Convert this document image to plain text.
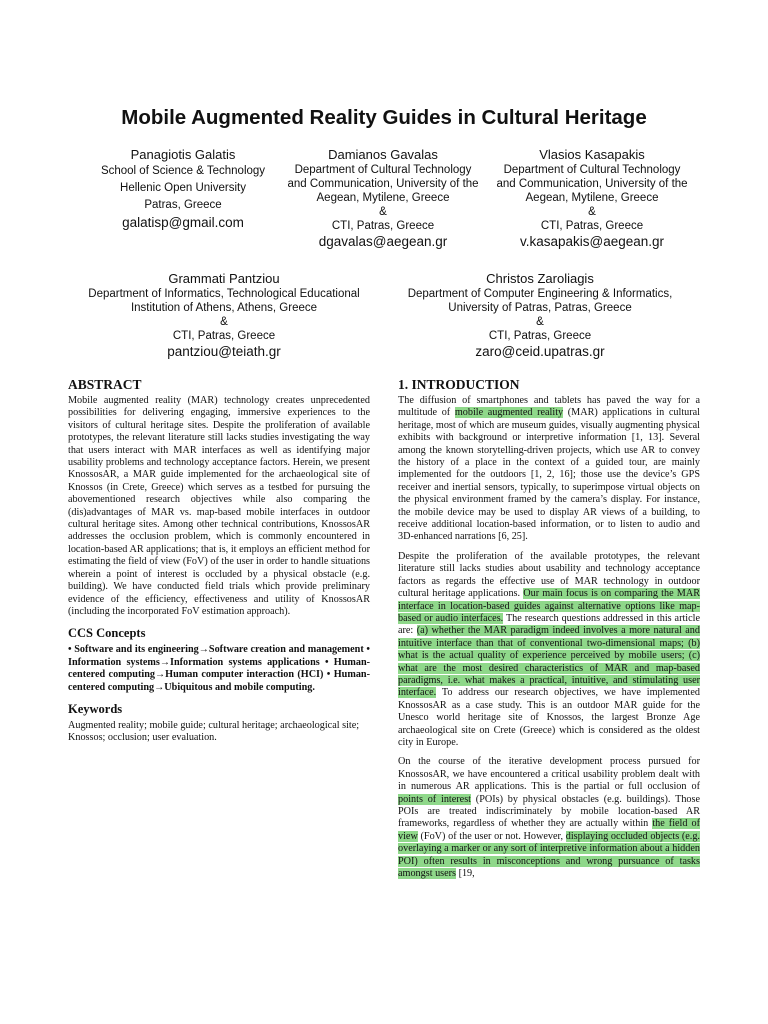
Mobile Augmented Reality Guides in Cultural Heritage
Panagiotis Galatis
School of Science & Technology
Hellenic Open University
Patras, Greece
galatisp@gmail.com
Damianos Gavalas
Department of Cultural Technology
and Communication, University of the
Aegean, Mytilene, Greece
&
CTI, Patras, Greece
dgavalas@aegean.gr
Vlasios Kasapakis
Department of Cultural Technology
and Communication, University of the
Aegean, Mytilene, Greece
&
CTI, Patras, Greece
v.kasapakis@aegean.gr
Grammati Pantziou
Department of Informatics, Technological Educational
Institution of Athens, Athens, Greece
&
CTI, Patras, Greece
pantziou@teiath.gr
Christos Zaroliagis
Department of Computer Engineering & Informatics,
University of Patras, Patras, Greece
&
CTI, Patras, Greece
zaro@ceid.upatras.gr
ABSTRACT

Mobile augmented reality (MAR) technology creates unprecedented possibilities for delivering engaging, immersive experiences to the visitors of cultural heritage sites. Despite the proliferation of available prototypes, the relevant literature still lacks studies investigating the way that users interact with MAR interfaces as well as identifying major usability problems and technology acceptance factors. Herein, we present KnossosAR, a MAR guide implemented for the archaeological site of Knossos (in Crete, Greece) which serves as a testbed for pursuing the abovementioned research objectives while also comparing the (dis)advantages of MAR vs. map-based mobile interfaces in outdoor cultural heritage sites. Among other technical contributions, KnossosAR addresses the occlusion problem, which is commonly encountered in location-based AR applications; that is, it employs an efficient method for estimating the field of view (FoV) of the user in order to handle situations wherein a point of interest is occluded by a physical obstacle (e.g. building). We have conducted field trials which provide preliminary evidence of the efficiency, effectiveness and utility of KnossosAR (including the incorporated FoV estimation approach).

CCS Concepts

• Software and its engineering→Software creation and management • Information systems→Information systems applications • Human-centered computing→Human computer interaction (HCI) • Human-centered computing→Ubiquitous and mobile computing.

Keywords

Augmented reality; mobile guide; cultural heritage; archaeological site; Knossos; occlusion; user evaluation.

1. INTRODUCTION

The diffusion of smartphones and tablets has paved the way for a multitude of mobile augmented reality (MAR) applications in cultural heritage, most of which are museum guides, visually augmenting physical exhibits with background or interpretive information [1, 13]. Several among the known storytelling-driven projects, which use AR to convey the history of a place in the context of a guided tour, are mainly implemented for the outdoors [1, 2, 16]; those use the device’s GPS receiver and inertial sensors, typically, to superimpose virtual objects on the physical environment framed by the camera’s display. For instance, the mobile device may be used to display AR views of a building, to receive additional location-based information, or to listen to audio and 3D-enhanced narrations [6, 25].

Despite the proliferation of the available prototypes, the relevant literature still lacks studies about usability and technology acceptance factors as regards the effective use of MAR technology in outdoor cultural heritage applications. Our main focus is on comparing the MAR interface in location-based guides against alternative options like map-based or audio interfaces. The research questions addressed in this article are: (a) whether the MAR paradigm indeed involves a more natural and intuitive interface than that of conventional two-dimensional maps; (b) what is the actual quality of experience perceived by mobile users; (c) what are the most desired characteristics of MAR and map-based paradigms, i.e. what makes a practical, intuitive, and stimulating user interface. To address our research objectives, we have implemented KnossosAR as a case study. This is an outdoor MAR guide for the Unesco world heritage site of Knossos, the largest Bronze Age archaeological site on Crete (Greece) which is considered as the oldest city in Europe.

On the course of the iterative development process pursued for KnossosAR, we have encountered a critical usability problem dealt with in numerous AR applications. This is the partial or full occlusion of points of interest (POIs) by physical obstacles (e.g. buildings). Those POIs are treated indiscriminately by mobile location-based AR frameworks, regardless of whether they are actually within the field of view (FoV) of the user or not. However, displaying occluded objects (e.g. overlaying a marker or any sort of interpretive information about a hidden POI) often results in misconceptions and wrong pursuance of tasks amongst users [19,
